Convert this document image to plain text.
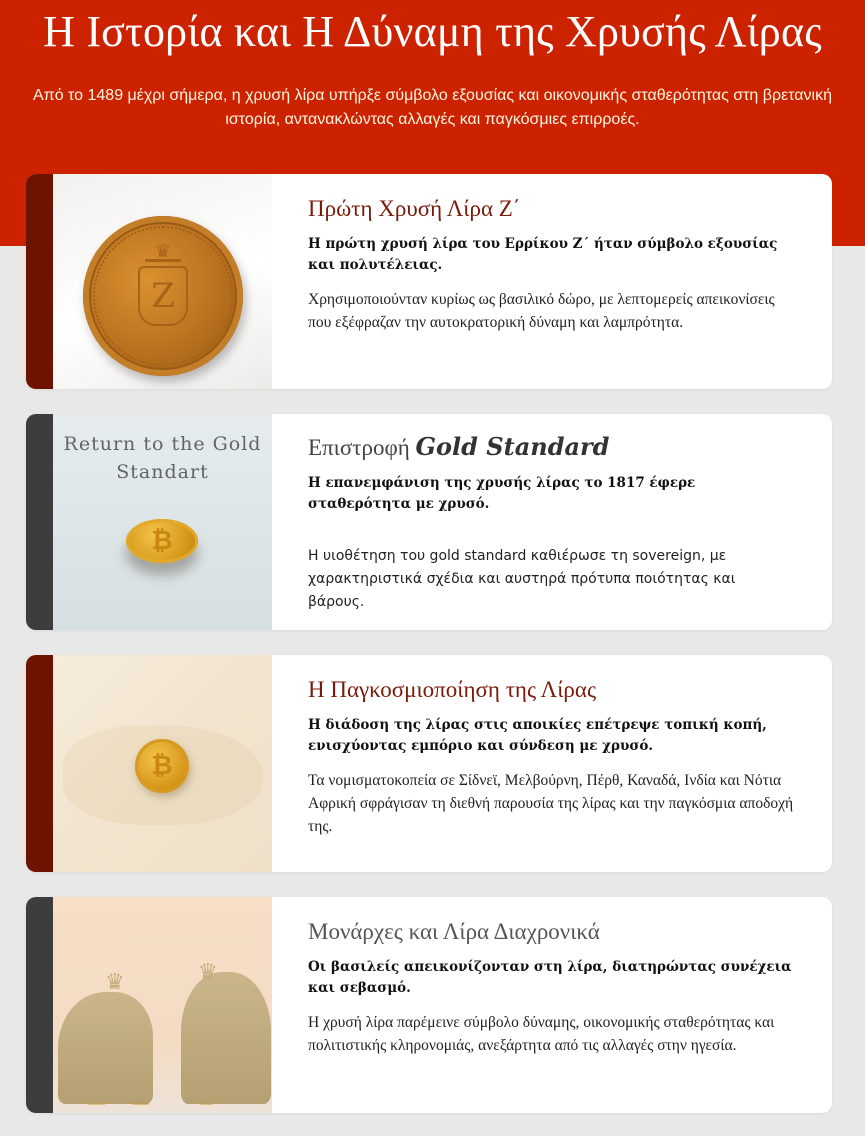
Η Ιστορία και Η Δύναμη της Χρυσής Λίρας

Από το 1489 μέχρι σήμερα, η χρυσή λίρα υπήρξε σύμβολο εξουσίας και οικονομικής σταθερότητας στη βρετανική ιστορία, αντανακλώντας αλλαγές και παγκόσμιες επιρροές.

♛
Z
Πρώτη Χρυσή Λίρα Ζ΄

Η πρώτη χρυσή λίρα του Ερρίκου Ζ΄ ήταν σύμβολο εξουσίας και πολυτέλειας.

Χρησιμοποιούνταν κυρίως ως βασιλικό δώρο, με λεπτομερείς απεικονίσεις που εξέφραζαν την αυτοκρατορική δύναμη και λαμπρότητα.

Return to the Gold Standart
₿
Επιστροφή Gold Standard

Η επανεμφάνιση της χρυσής λίρας το 1817 έφερε σταθερότητα με χρυσό.

Η υιοθέτηση του gold standard καθιέρωσε τη sovereign, με χαρακτηριστικά σχέδια και αυστηρά πρότυπα ποιότητας και βάρους.

₿
Η Παγκοσμιοποίηση της Λίρας

Η διάδοση της λίρας στις αποικίες επέτρεψε τοπική κοπή, ενισχύοντας εμπόριο και σύνδεση με χρυσό.

Τα νομισματοκοπεία σε Σίδνεϊ, Μελβούρνη, Πέρθ, Καναδά, Ινδία και Νότια Αφρική σφράγισαν τη διεθνή παρουσία της λίρας και την παγκόσμια αποδοχή της.

♛	♛
Μονάρχες και Λίρα Διαχρονικά

Οι βασιλείς απεικονίζονταν στη λίρα, διατηρώντας συνέχεια και σεβασμό.

Η χρυσή λίρα παρέμεινε σύμβολο δύναμης, οικονομικής σταθερότητας και πολιτιστικής κληρονομιάς, ανεξάρτητα από τις αλλαγές στην ηγεσία.
